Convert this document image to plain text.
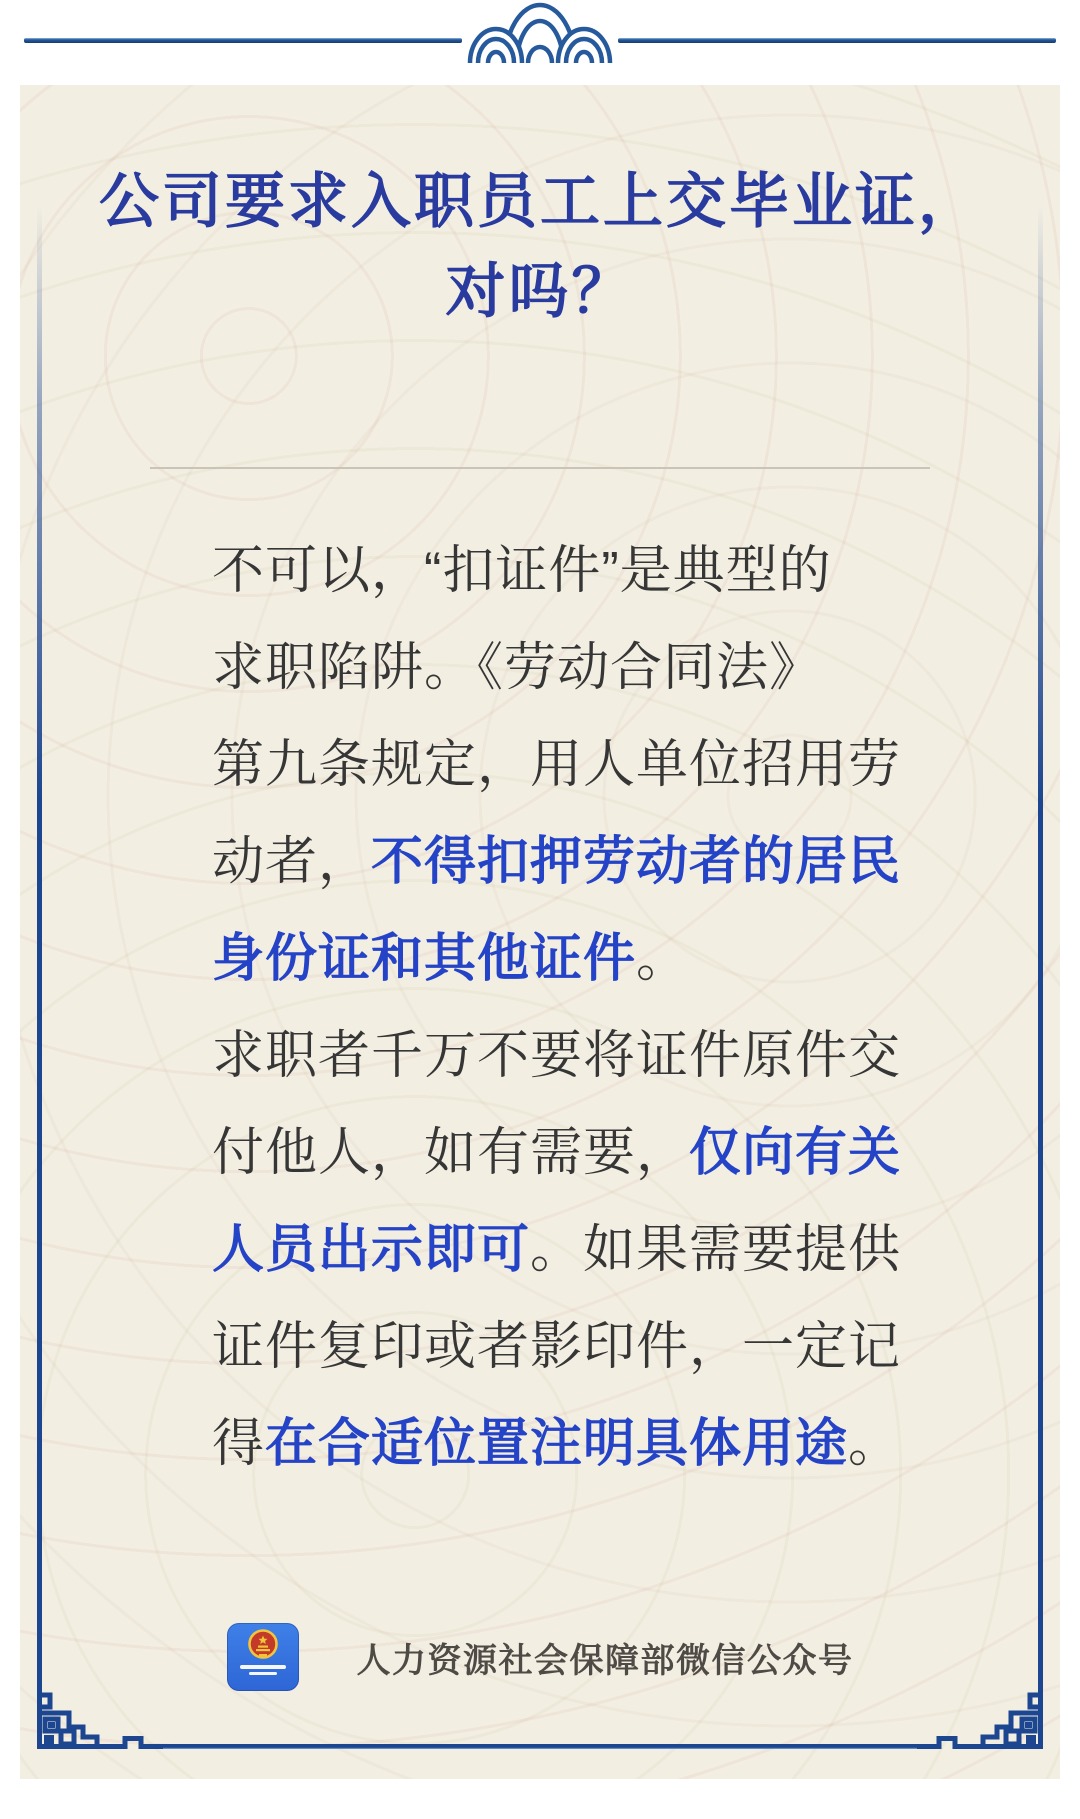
公司要求入职员工上交毕业证，
对吗？
不可以，“扣证件”是典型的
求职陷阱。《劳动合同法》
第九条规定，用人单位招用劳
动者，不得扣押劳动者的居民
身份证和其他证件。
求职者千万不要将证件原件交
付他人，如有需要，仅向有关
人员出示即可。如果需要提供
证件复印或者影印件，一定记
得在合适位置注明具体用途。
人力资源社会保障部微信公众号
